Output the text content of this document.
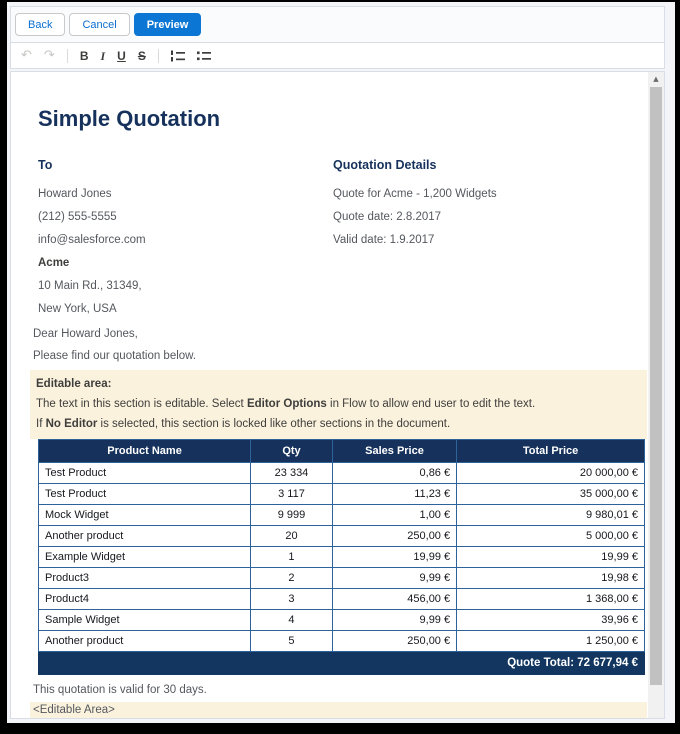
Back	Cancel	Preview
↶ ↷ B I U S
Simple Quotation
To
Howard Jones
(212) 555-5555
info@salesforce.com
Acme
10 Main Rd., 31349,
New York, USA
Quotation Details
Quote for Acme - 1,200 Widgets
Quote date: 2.8.2017
Valid date: 1.9.2017

Dear Howard Jones,

Please find our quotation below.

Editable area:

The text in this section is editable. Select Editor Options in Flow to allow end user to edit the text.

If No Editor is selected, this section is locked like other sections in the document.

Product Name	Qty	Sales Price	Total Price
Test Product	23 334	0,86 €	20 000,00 €
Test Product	3 117	11,23 €	35 000,00 €
Mock Widget	9 999	1,00 €	9 980,01 €
Another product	20	250,00 €	5 000,00 €
Example Widget	1	19,99 €	19,99 €
Product3	2	9,99 €	19,98 €
Product4	3	456,00 €	1 368,00 €
Sample Widget	4	9,99 €	39,96 €
Another product	5	250,00 €	1 250,00 €
Quote Total: 72 677,94 €			

This quotation is valid for 30 days.

<Editable Area>
▲
